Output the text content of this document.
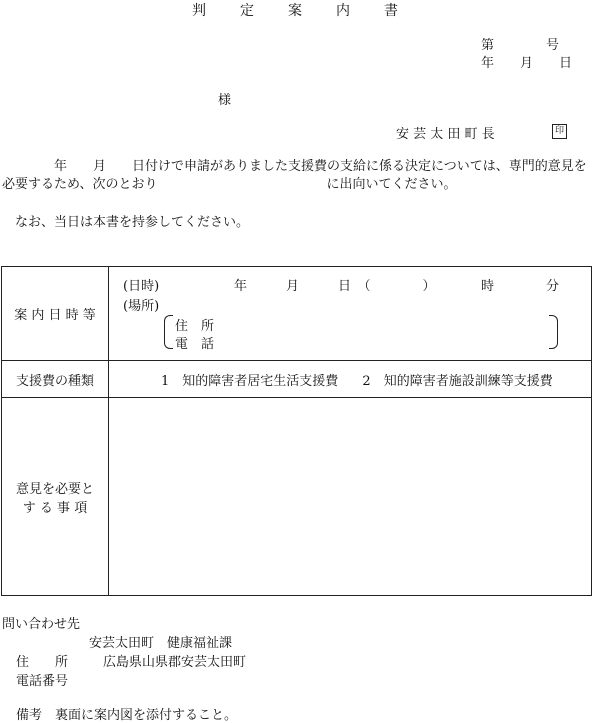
判　　定　　案　　内　　書
第　　　　号
年　　月　　日
様
安 芸 太 田 町 長	印
　　　　年　　月　　日付けで申請がありました支援費の支給に係る決定については、専門的意見を必要するため、次のとおり　　　　　　　　　　　　　に出向いてください。
　なお、当日は本書を持参してください。
案 内 日 時 等	(日時) 年　　　月　　　日　（　　　　）　　　　時　　　　分
(場所)
住　所
電　話

支援費の種類	1　知的障害者居宅生活支援費 2　知的障害者施設訓練等支援費

意見を必要と
す る 事 項	

問い合わせ先
安芸太田町　健康福祉課
住　　所	広島県山県郡安芸太田町
電話番号
備考　裏面に案内図を添付すること。
